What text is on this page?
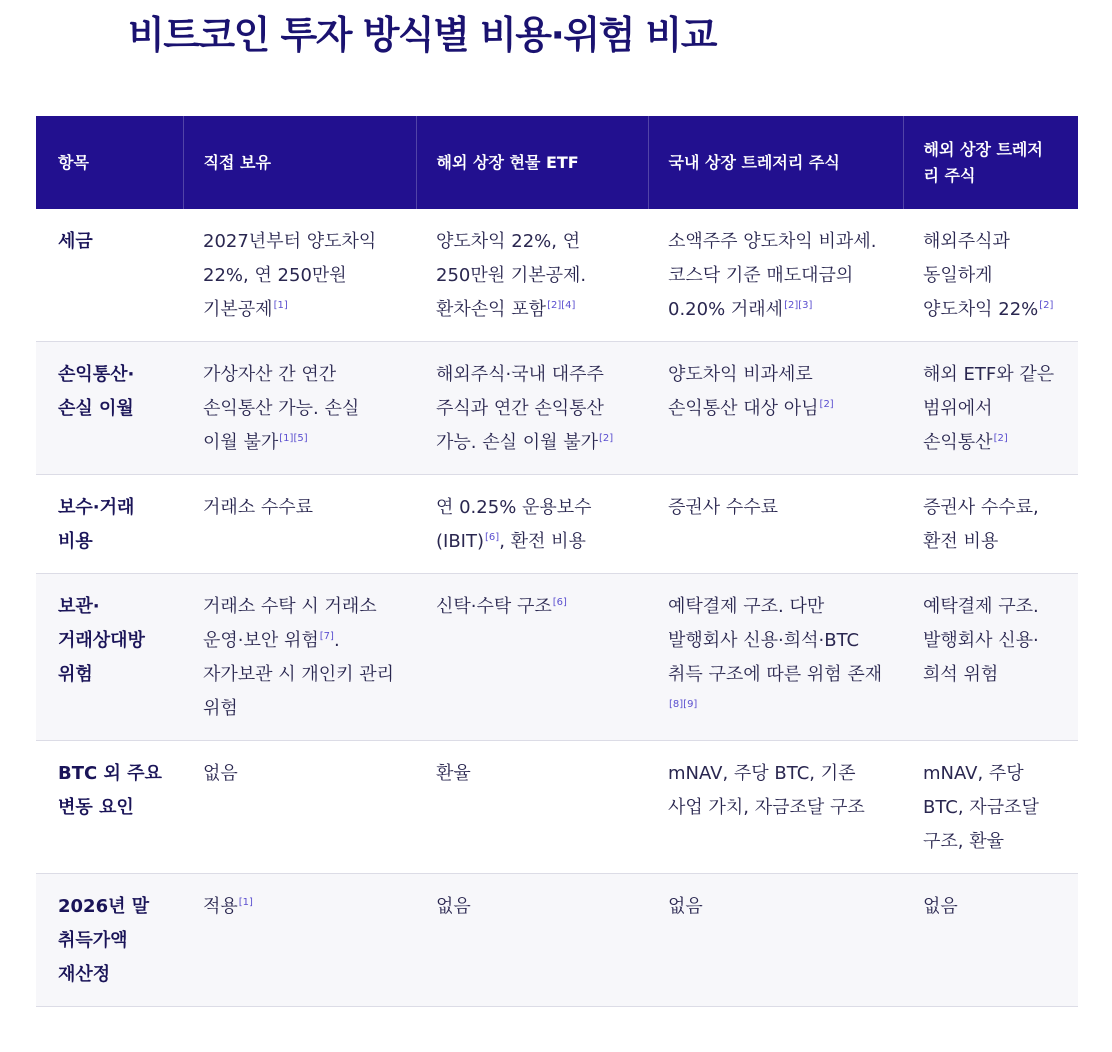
비트코인 투자 방식별 비용·위험 비교
항목	직접 보유	해외 상장 현물 ETF	국내 상장 트레저리 주식	해외 상장 트레저리 주식
세금	2027년부터 양도차익 22%, 연 250만원 기본공제[1]	양도차익 22%, 연 250만원 기본공제. 환차손익 포함[2][4]	소액주주 양도차익 비과세. 코스닥 기준 매도대금의 0.20% 거래세[2][3]	해외주식과 동일하게 양도차익 22%[2]
손익통산·손실 이월	가상자산 간 연간 손익통산 가능. 손실 이월 불가[1][5]	해외주식·국내 대주주 주식과 연간 손익통산 가능. 손실 이월 불가[2]	양도차익 비과세로 손익통산 대상 아님[2]	해외 ETF와 같은 범위에서 손익통산[2]
보수·거래 비용	거래소 수수료	연 0.25% 운용보수 (IBIT)[6], 환전 비용	증권사 수수료	증권사 수수료, 환전 비용
보관·거래상대방 위험	거래소 수탁 시 거래소 운영·보안 위험[7]. 자가보관 시 개인키 관리 위험	신탁·수탁 구조[6]	예탁결제 구조. 다만 발행회사 신용·희석·BTC 취득 구조에 따른 위험 존재[8][9]	예탁결제 구조. 발행회사 신용·희석 위험
BTC 외 주요 변동 요인	없음	환율	mNAV, 주당 BTC, 기존 사업 가치, 자금조달 구조	mNAV, 주당 BTC, 자금조달 구조, 환율
2026년 말 취득가액 재산정	적용[1]	없음	없음	없음
